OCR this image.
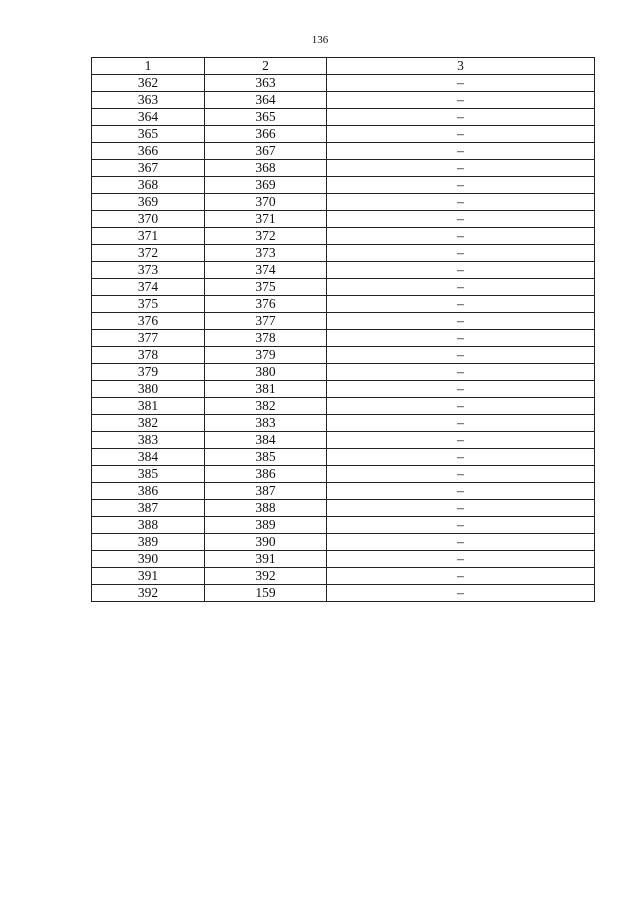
136
1	2	3
362	363	–
363	364	–
364	365	–
365	366	–
366	367	–
367	368	–
368	369	–
369	370	–
370	371	–
371	372	–
372	373	–
373	374	–
374	375	–
375	376	–
376	377	–
377	378	–
378	379	–
379	380	–
380	381	–
381	382	–
382	383	–
383	384	–
384	385	–
385	386	–
386	387	–
387	388	–
388	389	–
389	390	–
390	391	–
391	392	–
392	159	–
